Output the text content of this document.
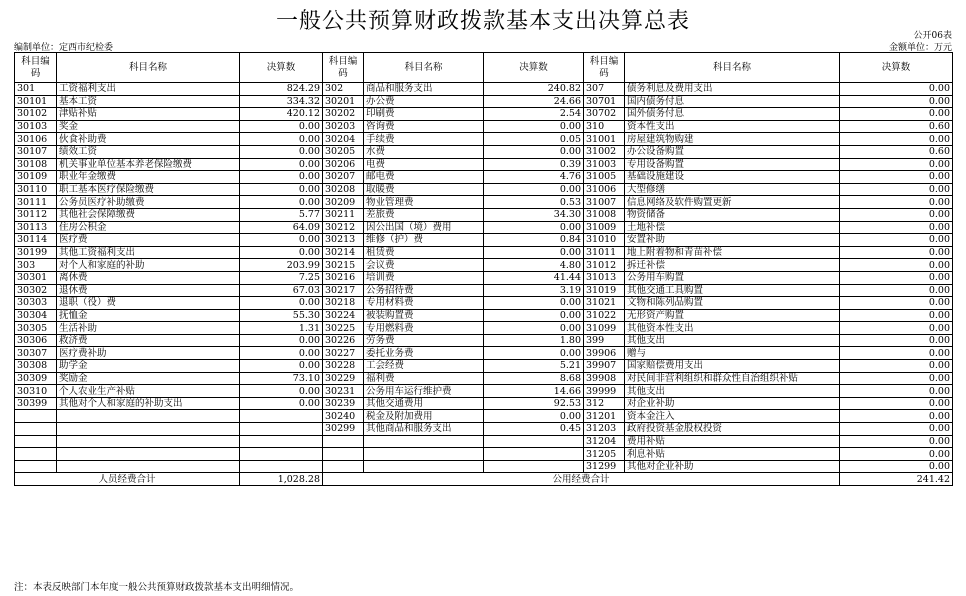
一般公共预算财政拨款基本支出决算总表
公开06表
编制单位：定西市纪检委	金额单位：万元
科目编码	科目名称	决算数	科目编码	科目名称	决算数	科目编码	科目名称	决算数
301	工资福利支出	824.29	302	商品和服务支出	240.82	307	债务利息及费用支出	0.00
30101	基本工资	334.32	30201	办公费	24.66	30701	国内债务付息	0.00
30102	津贴补贴	420.12	30202	印刷费	2.54	30702	国外债务付息	0.00
30103	奖金	0.00	30203	咨询费	0.00	310	资本性支出	0.60
30106	伙食补助费	0.00	30204	手续费	0.05	31001	房屋建筑物购建	0.00
30107	绩效工资	0.00	30205	水费	0.00	31002	办公设备购置	0.60
30108	机关事业单位基本养老保险缴费	0.00	30206	电费	0.39	31003	专用设备购置	0.00
30109	职业年金缴费	0.00	30207	邮电费	4.76	31005	基础设施建设	0.00
30110	职工基本医疗保险缴费	0.00	30208	取暖费	0.00	31006	大型修缮	0.00
30111	公务员医疗补助缴费	0.00	30209	物业管理费	0.53	31007	信息网络及软件购置更新	0.00
30112	其他社会保障缴费	5.77	30211	差旅费	34.30	31008	物资储备	0.00
30113	住房公积金	64.09	30212	因公出国（境）费用	0.00	31009	土地补偿	0.00
30114	医疗费	0.00	30213	维修（护）费	0.84	31010	安置补助	0.00
30199	其他工资福利支出	0.00	30214	租赁费	0.00	31011	地上附着物和青苗补偿	0.00
303	对个人和家庭的补助	203.99	30215	会议费	4.80	31012	拆迁补偿	0.00
30301	离休费	7.25	30216	培训费	41.44	31013	公务用车购置	0.00
30302	退休费	67.03	30217	公务招待费	3.19	31019	其他交通工具购置	0.00
30303	退职（役）费	0.00	30218	专用材料费	0.00	31021	文物和陈列品购置	0.00
30304	抚恤金	55.30	30224	被装购置费	0.00	31022	无形资产购置	0.00
30305	生活补助	1.31	30225	专用燃料费	0.00	31099	其他资本性支出	0.00
30306	救济费	0.00	30226	劳务费	1.80	399	其他支出	0.00
30307	医疗费补助	0.00	30227	委托业务费	0.00	39906	赠与	0.00
30308	助学金	0.00	30228	工会经费	5.21	39907	国家赔偿费用支出	0.00
30309	奖励金	73.10	30229	福利费	8.68	39908	对民间非营利组织和群众性自治组织补贴	0.00
30310	个人农业生产补贴	0.00	30231	公务用车运行维护费	14.66	39999	其他支出	0.00
30399	其他对个人和家庭的补助支出	0.00	30239	其他交通费用	92.53	312	对企业补助	0.00
			30240	税金及附加费用	0.00	31201	资本金注入	0.00
			30299	其他商品和服务支出	0.45	31203	政府投资基金股权投资	0.00
						31204	费用补贴	0.00
						31205	利息补贴	0.00
						31299	其他对企业补助	0.00
人员经费合计		1,028.28	公用经费合计					241.42
注：本表反映部门本年度一般公共预算财政拨款基本支出明细情况。
